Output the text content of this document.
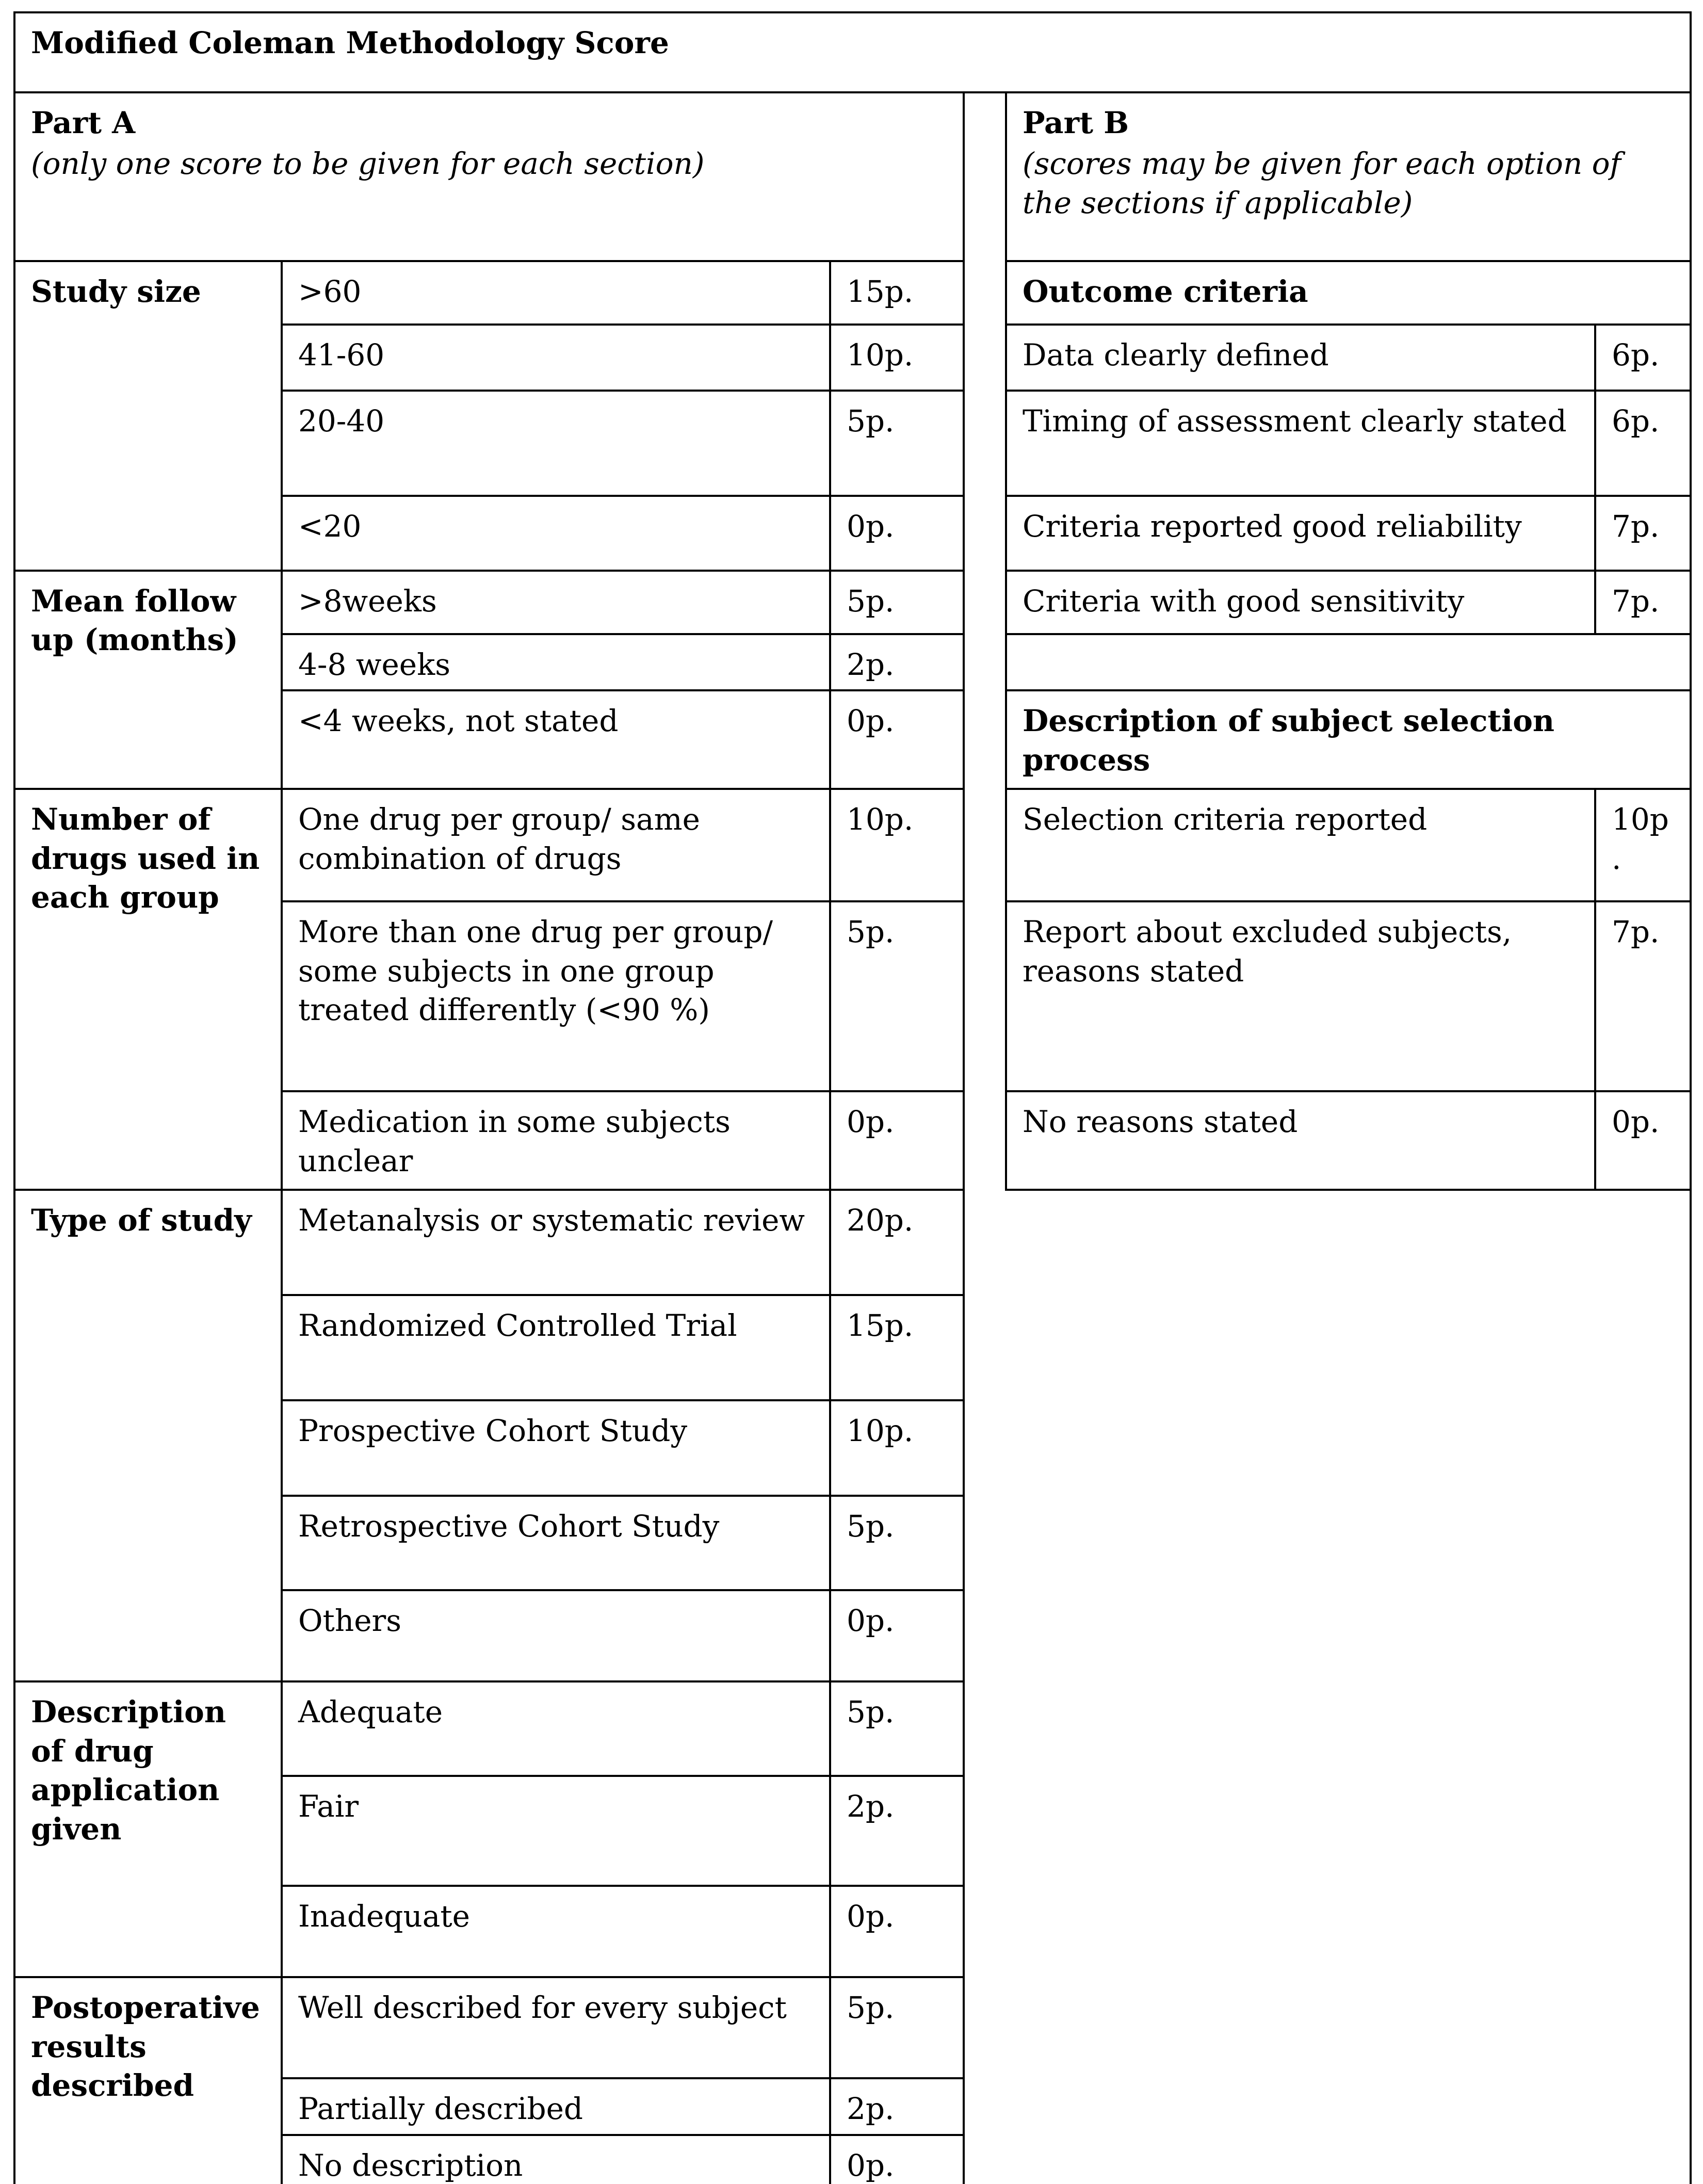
Modified Coleman Methodology Score					

Part A
(only one score to be given for each section)				Part B
(scores may be given for each option of the sections if applicable)	

Study size	>60	15p.		Outcome criteria	
	41-60	10p.		Data clearly defined	6p.
	20-40	5p.		Timing of assessment clearly stated	6p.
	<20	0p.		Criteria reported good reliability	7p.
Mean follow up (months)	>8weeks	5p.		Criteria with good sensitivity	7p.
	4-8 weeks	2p.			
	<4 weeks, not stated	0p.		Description of subject selection process	
Number of drugs used in each group	One drug per group/ same combination of drugs	10p.		Selection criteria reported	10p.
	More than one drug per group/ some subjects in one group treated differently (<90 %)	5p.		Report about excluded subjects, reasons stated	7p.
	Medication in some subjects unclear	0p.		No reasons stated	0p.
Type of study	Metanalysis or systematic review	20p.			
	Randomized Controlled Trial	15p.			
	Prospective Cohort Study	10p.			
	Retrospective Cohort Study	5p.			
	Others	0p.			
Description of drug application given	Adequate	5p.			
	Fair	2p.			
	Inadequate	0p.			
Postoperative results described	Well described for every subject	5p.			
	Partially described	2p.			
	No description	0p.			
